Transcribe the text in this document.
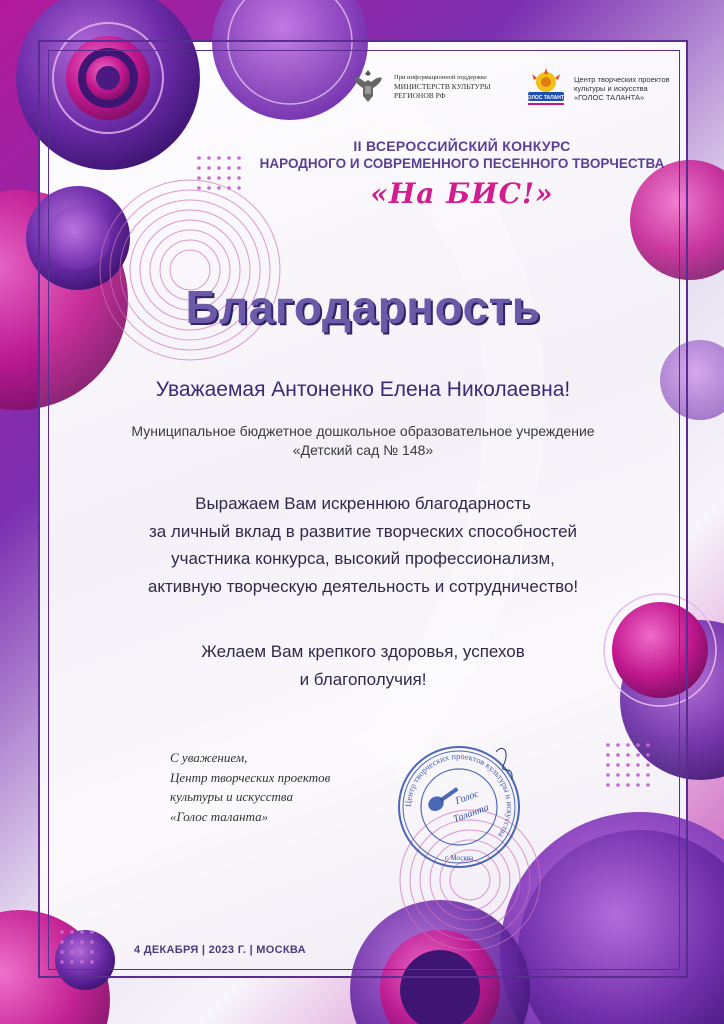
При информационной поддержке
МИНИСТЕРСТВ КУЛЬТУРЫ
РЕГИОНОВ РФ	ГОЛОС ТАЛАНТА
Центр творческих проектов
культуры и искусства
«ГОЛОС ТАЛАНТА»
II ВСЕРОССИЙСКИЙ КОНКУРС
НАРОДНОГО И СОВРЕМЕННОГО ПЕСЕННОГО ТВОРЧЕСТВА
«На БИС!»
Благодарность
Уважаемая Антоненко Елена Николаевна!
Муниципальное бюджетное дошкольное образовательное учреждение
«Детский сад № 148»
Выражаем Вам искреннюю благодарность
за личный вклад в развитие творческих способностей
участника конкурса, высокий профессионализм,
активную творческую деятельность и сотрудничество!
Желаем Вам крепкого здоровья, успехов
и благополучия!
С уважением,
Центр творческих проектов
культуры и искусства
«Голос таланта»
Центр творческих проектов культуры и искусства
Голос
Таланта
г. Москва
4 ДЕКАБРЯ | 2023 Г. | МОСКВА
